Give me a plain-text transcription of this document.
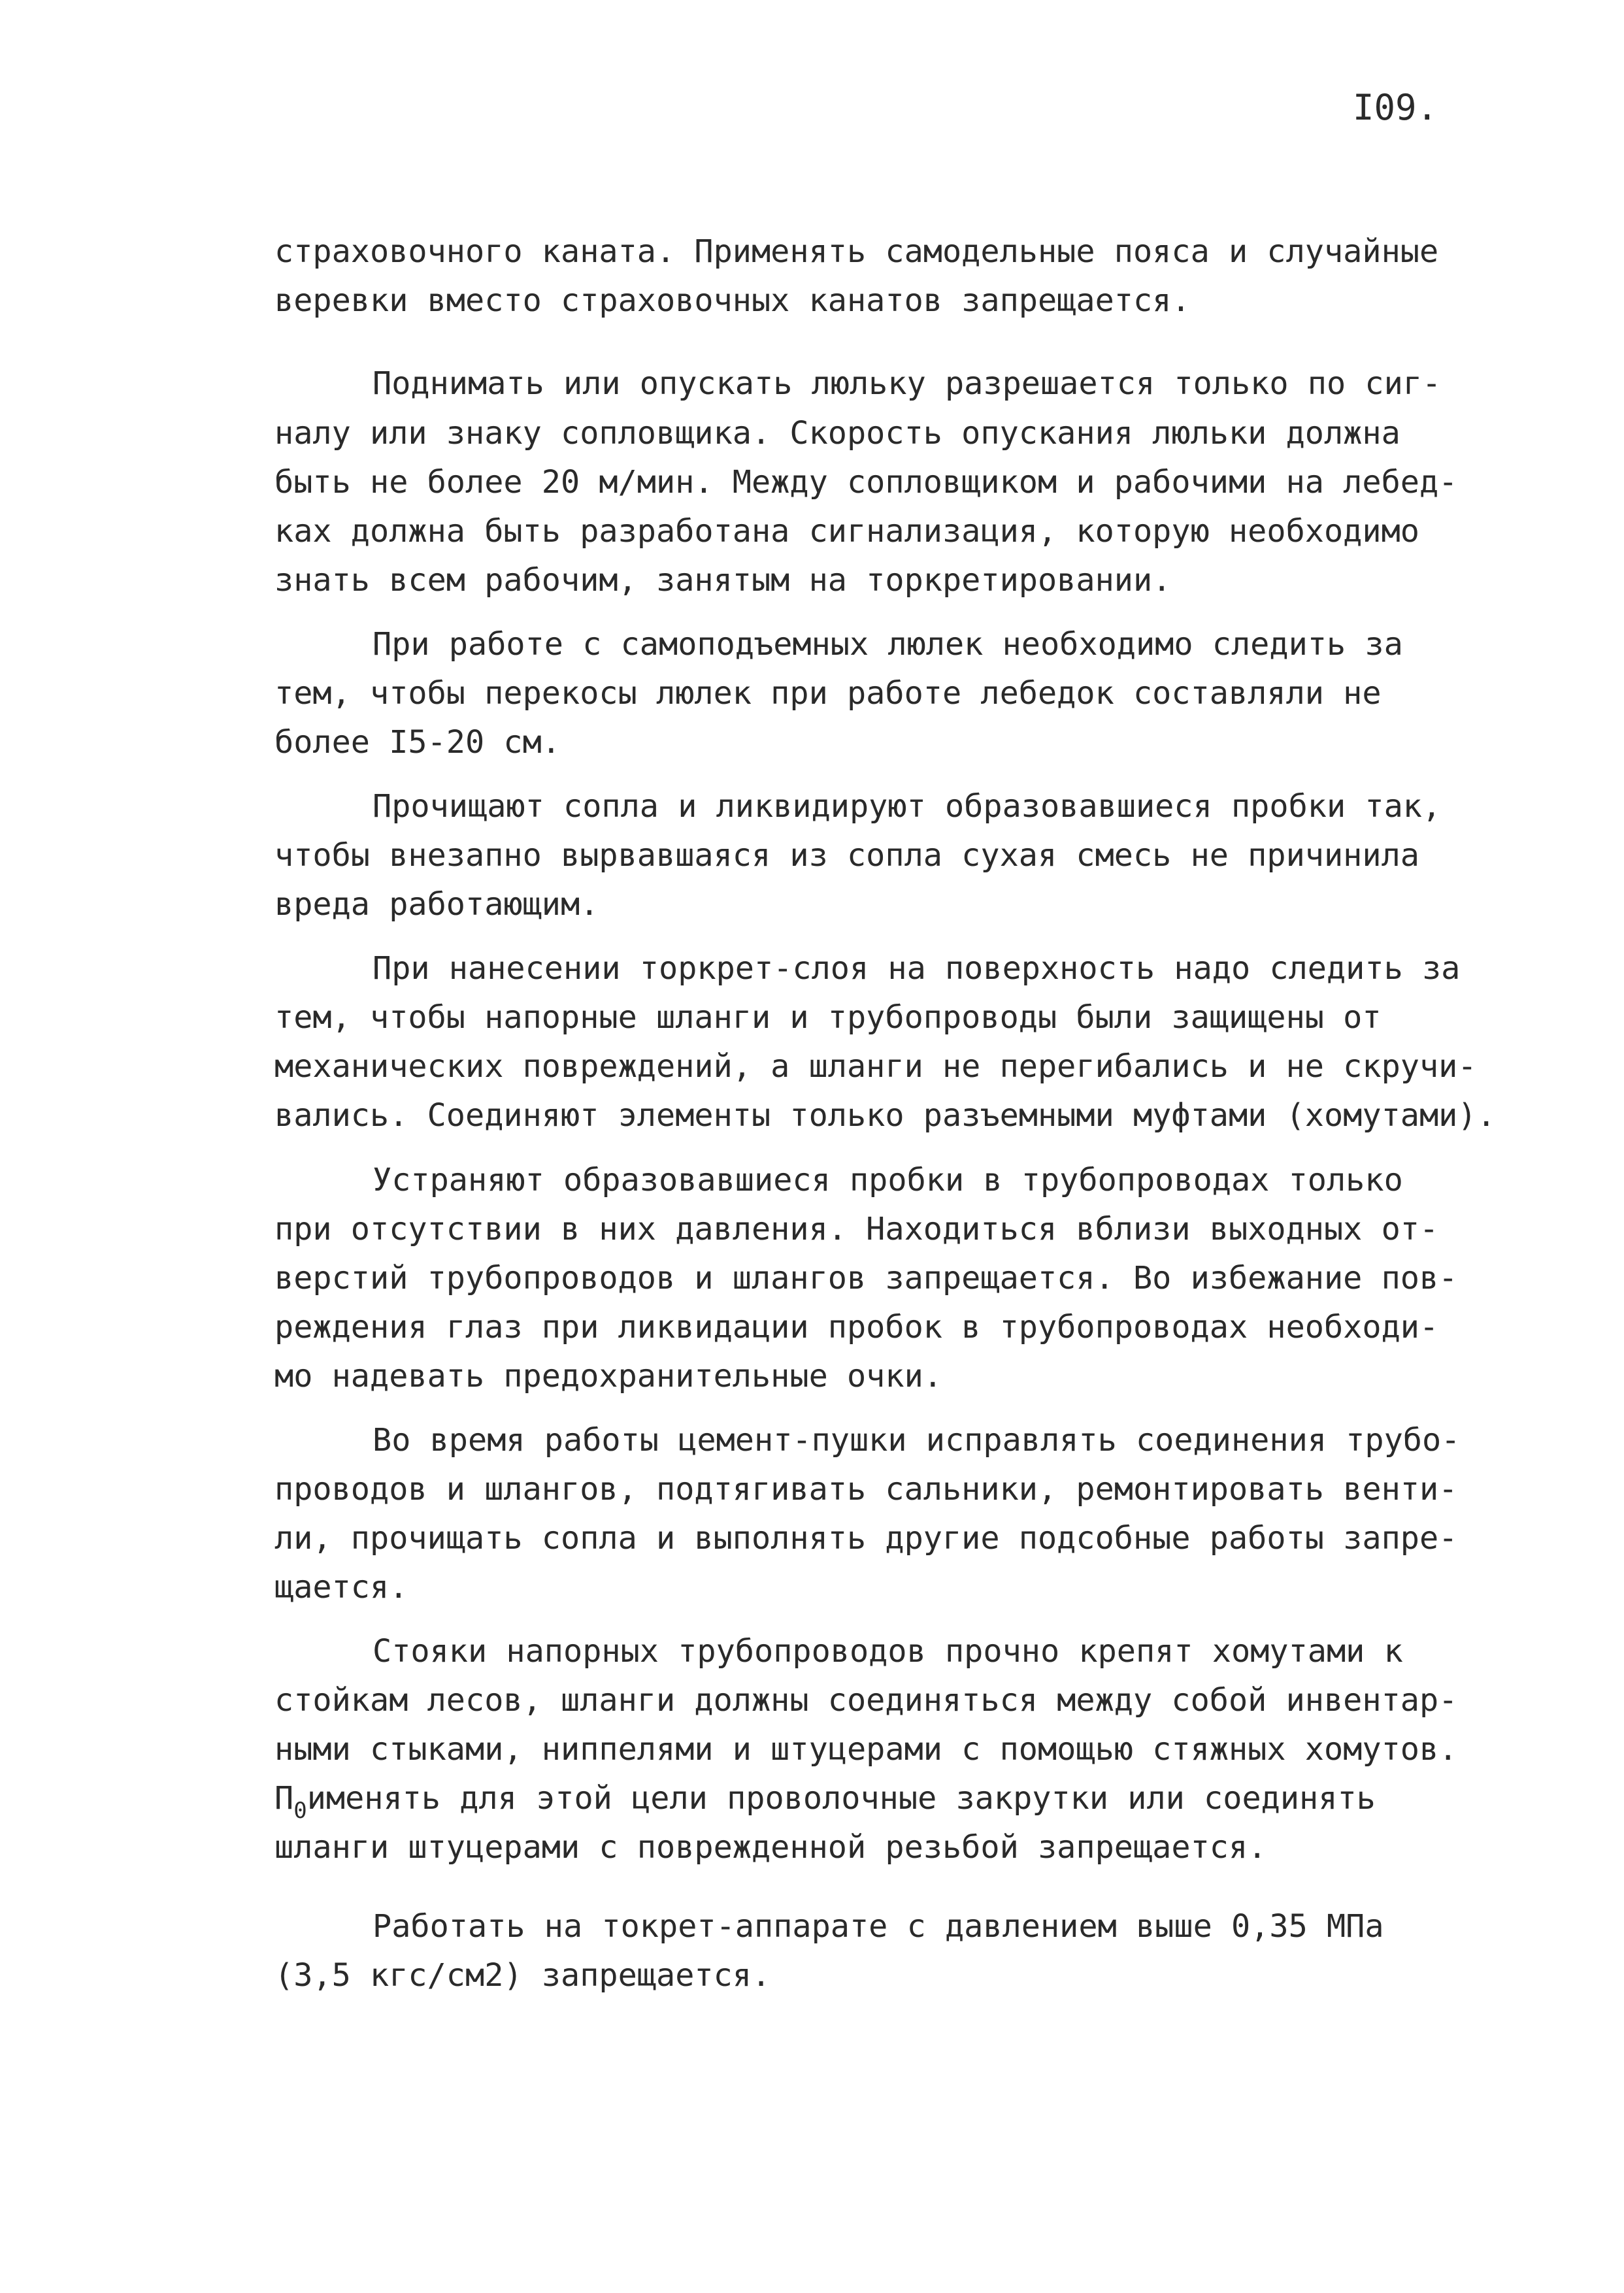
I09.
страховочного каната. Применять самодельные пояса и случайные
веревки вместо страховочных канатов запрещается.
Поднимать или опускать люльку разрешается только по сиг-
налу или знаку сопловщика. Скорость опускания люльки должна
быть не более 20 м/мин. Между сопловщиком и рабочими на лебед-
ках должна быть разработана сигнализация, которую необходимо
знать всем рабочим, занятым на торкретировании.
При работе с самоподъемных люлек необходимо следить за
тем, чтобы перекосы люлек при работе лебедок составляли не
более I5-20 см.
Прочищают сопла и ликвидируют образовавшиеся пробки так,
чтобы внезапно вырвавшаяся из сопла сухая смесь не причинила
вреда работающим.
При нанесении торкрет-слоя на поверхность надо следить за
тем, чтобы напорные шланги и трубопроводы были защищены от
механических повреждений, а шланги не перегибались и не скручи-
вались. Соединяют элементы только разъемными муфтами (хомутами).
Устраняют образовавшиеся пробки в трубопроводах только
при отсутствии в них давления. Находиться вблизи выходных от-
верстий трубопроводов и шлангов запрещается. Во избежание пов-
реждения глаз при ликвидации пробок в трубопроводах необходи-
мо надевать предохранительные очки.
Во время работы цемент-пушки исправлять соединения трубо-
проводов и шлангов, подтягивать сальники, ремонтировать венти-
ли, прочищать сопла и выполнять другие подсобные работы запре-
щается.
Стояки напорных трубопроводов прочно крепят хомутами к
стойкам лесов, шланги должны соединяться между собой инвентар-
ными стыками, ниппелями и штуцерами с помощью стяжных хомутов.
$П_0именять$ для этой цели проволочные закрутки или соединять
шланги штуцерами с поврежденной резьбой запрещается.
Работать на токрет-аппарате с давлением выше 0,35 МПа
(3,5 кгс/см2) запрещается.
